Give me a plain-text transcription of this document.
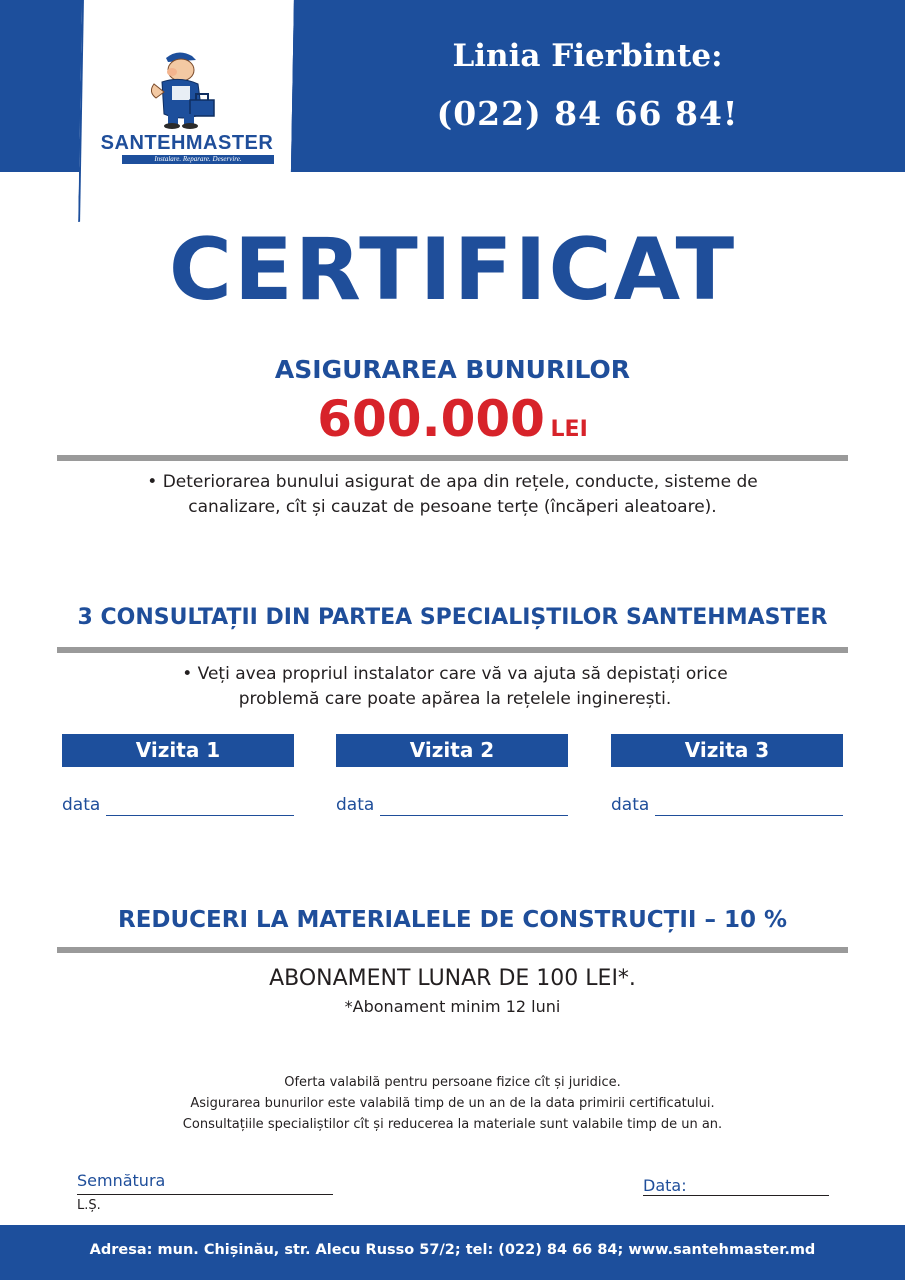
SANTEHMASTER
Instalare. Reparare. Deservire.
Linia Fierbinte:
(022) 84 66 84!
CERTIFICAT
ASIGURAREA BUNURILOR
600.000 LEI
• Deteriorarea bunului asigurat de apa din rețele, conducte, sisteme de
canalizare, cît și cauzat de pesoane terțe (încăperi aleatoare).
3 CONSULTAȚII DIN PARTEA SPECIALIȘTILOR SANTEHMASTER
• Veți avea propriul instalator care vă va ajuta să depistați orice
problemă care poate apărea la rețelele inginerești.
Vizita 1	Vizita 2	Vizita 3
data	data	data
REDUCERI LA MATERIALELE DE CONSTRUCȚII – 10 %
ABONAMENT LUNAR DE 100 LEI*.
*Abonament minim 12 luni
Oferta valabilă pentru persoane fizice cît și juridice.
Asigurarea bunurilor este valabilă timp de un an de la data primirii certificatului.
Consultațiile specialiștilor cît și reducerea la materiale sunt valabile timp de un an.
Semnătura
L.Ș.
Data:
Adresa: mun. Chișinău, str. Alecu Russo 57/2; tel: (022) 84 66 84; www.santehmaster.md
